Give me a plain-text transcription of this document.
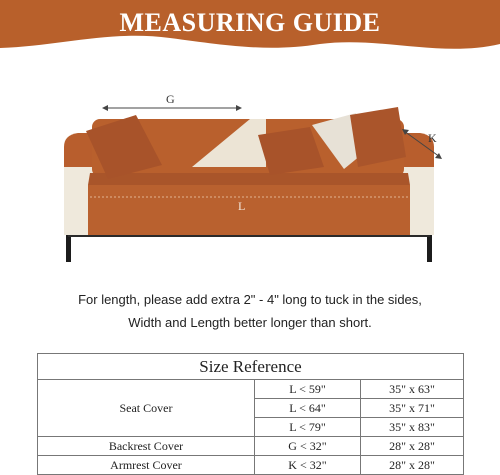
MEASURING GUIDE
G
L
K
For length, please add extra 2" - 4" long to tuck in the sides,
Width and Length better longer than short.
Size Reference		
Seat Cover	L < 59"	35" x 63"
	L < 64"	35" x 71"
	L < 79"	35" x 83"
Backrest Cover	G < 32"	28" x 28"
Armrest Cover	K < 32"	28" x 28"
